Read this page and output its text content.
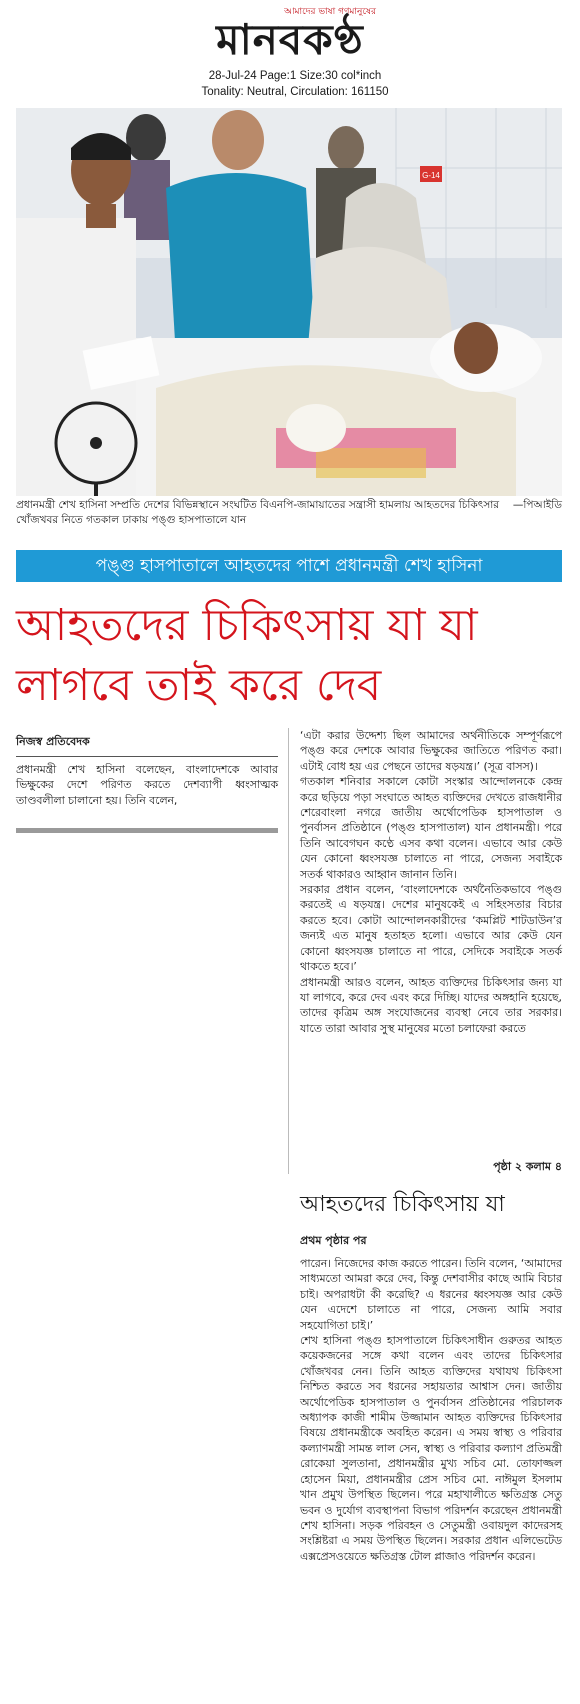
আমাদের ভাষা গণমানুষের
মানবকণ্ঠ
28-Jul-24 Page:1 Size:30 col*inch
Tonality: Neutral, Circulation: 161150
G-14
—পিআইডি
প্রধানমন্ত্রী শেখ হাসিনা সম্প্রতি দেশের বিভিন্নস্থানে সংঘটিত বিএনপি-জামায়াতের সন্ত্রাসী হামলায় আহতদের চিকিৎসার খোঁজখবর নিতে গতকাল ঢাকায় পঙ্গু হাসপাতালে যান
পঙ্গু হাসপাতালে আহতদের পাশে প্রধানমন্ত্রী শেখ হাসিনা
আহতদের চিকিৎসায় যা যা
লাগবে তাই করে দেব
নিজস্ব প্রতিবেদক
প্রধানমন্ত্রী শেখ হাসিনা বলেছেন, বাংলাদেশকে আবার ভিক্ষুকের দেশে পরিণত করতে দেশব্যাপী ধ্বংসাত্মক তাণ্ডবলীলা চালানো হয়। তিনি বলেন,

‘এটা করার উদ্দেশ্য ছিল আমাদের অর্থনীতিকে সম্পূর্ণরূপে পঙ্গু করে দেশকে আবার ভিক্ষুকের জাতিতে পরিণত করা। এটাই বোধ হয় এর পেছনে তাদের ষড়যন্ত্র।’ (সূত্র বাসস)।

গতকাল শনিবার সকালে কোটা সংস্কার আন্দোলনকে কেন্দ্র করে ছড়িয়ে পড়া সংঘাতে আহত ব্যক্তিদের দেখতে রাজধানীর শেরেবাংলা নগরে জাতীয় অর্থোপেডিক হাসপাতাল ও পুনর্বাসন প্রতিষ্ঠানে (পঙ্গু হাসপাতাল) যান প্রধানমন্ত্রী। পরে তিনি আবেগঘন কণ্ঠে এসব কথা বলেন। এভাবে আর কেউ যেন কোনো ধ্বংসযজ্ঞ চালাতে না পারে, সেজন্য সবাইকে সতর্ক থাকারও আহ্বান জানান তিনি।

সরকার প্রধান বলেন, ‘বাংলাদেশকে অর্থনৈতিকভাবে পঙ্গু করতেই এ ষড়যন্ত্র। দেশের মানুষকেই এ সহিংসতার বিচার করতে হবে। কোটা আন্দোলনকারীদের ‘কমপ্লিট শাটডাউন’র জন্যই এত মানুষ হতাহত হলো। এভাবে আর কেউ যেন কোনো ধ্বংসযজ্ঞ চালাতে না পারে, সেদিকে সবাইকে সতর্ক থাকতে হবে।’

প্রধানমন্ত্রী আরও বলেন, আহত ব্যক্তিদের চিকিৎসার জন্য যা যা লাগবে, করে দেব এবং করে দিচ্ছি। যাদের অঙ্গহানি হয়েছে, তাদের কৃত্রিম অঙ্গ সংযোজনের ব্যবস্থা নেবে তার সরকার। যাতে তারা আবার সুস্থ মানুষের মতো চলাফেরা করতে

পৃষ্ঠা ২ কলাম ৪
আহতদের চিকিৎসায় যা
প্রথম পৃষ্ঠার পর

পারেন। নিজেদের কাজ করতে পারেন। তিনি বলেন, ‘আমাদের সাধ্যমতো আমরা করে দেব, কিন্তু দেশবাসীর কাছে আমি বিচার চাই। অপরাধটা কী করেছি? এ ধরনের ধ্বংসযজ্ঞ আর কেউ যেন এদেশে চালাতে না পারে, সেজন্য আমি সবার সহযোগিতা চাই।’

শেখ হাসিনা পঙ্গু হাসপাতালে চিকিৎসাধীন গুরুতর আহত কয়েকজনের সঙ্গে কথা বলেন এবং তাদের চিকিৎসার খোঁজখবর নেন। তিনি আহত ব্যক্তিদের যথাযথ চিকিৎসা নিশ্চিত করতে সব ধরনের সহায়তার আশ্বাস দেন। জাতীয় অর্থোপেডিক হাসপাতাল ও পুনর্বাসন প্রতিষ্ঠানের পরিচালক অধ্যাপক কাজী শামীম উজ্জামান আহত ব্যক্তিদের চিকিৎসার বিষয়ে প্রধানমন্ত্রীকে অবহিত করেন। এ সময় স্বাস্থ্য ও পরিবার কল্যাণমন্ত্রী সামন্ত লাল সেন, স্বাস্থ্য ও পরিবার কল্যাণ প্রতিমন্ত্রী রোকেয়া সুলতানা, প্রধানমন্ত্রীর মুখ্য সচিব মো. তোফাজ্জল হোসেন মিয়া, প্রধানমন্ত্রীর প্রেস সচিব মো. নাঈমুল ইসলাম খান প্রমুখ উপস্থিত ছিলেন। পরে মহাখালীতে ক্ষতিগ্রস্ত সেতু ভবন ও দুর্যোগ ব্যবস্থাপনা বিভাগ পরিদর্শন করেছেন প্রধানমন্ত্রী শেখ হাসিনা। সড়ক পরিবহন ও সেতুমন্ত্রী ওবায়দুল কাদেরসহ সংশ্লিষ্টরা এ সময় উপস্থিত ছিলেন। সরকার প্রধান এলিভেটেড এক্সপ্রেসওয়েতে ক্ষতিগ্রস্ত টোল প্লাজাও পরিদর্শন করেন।
